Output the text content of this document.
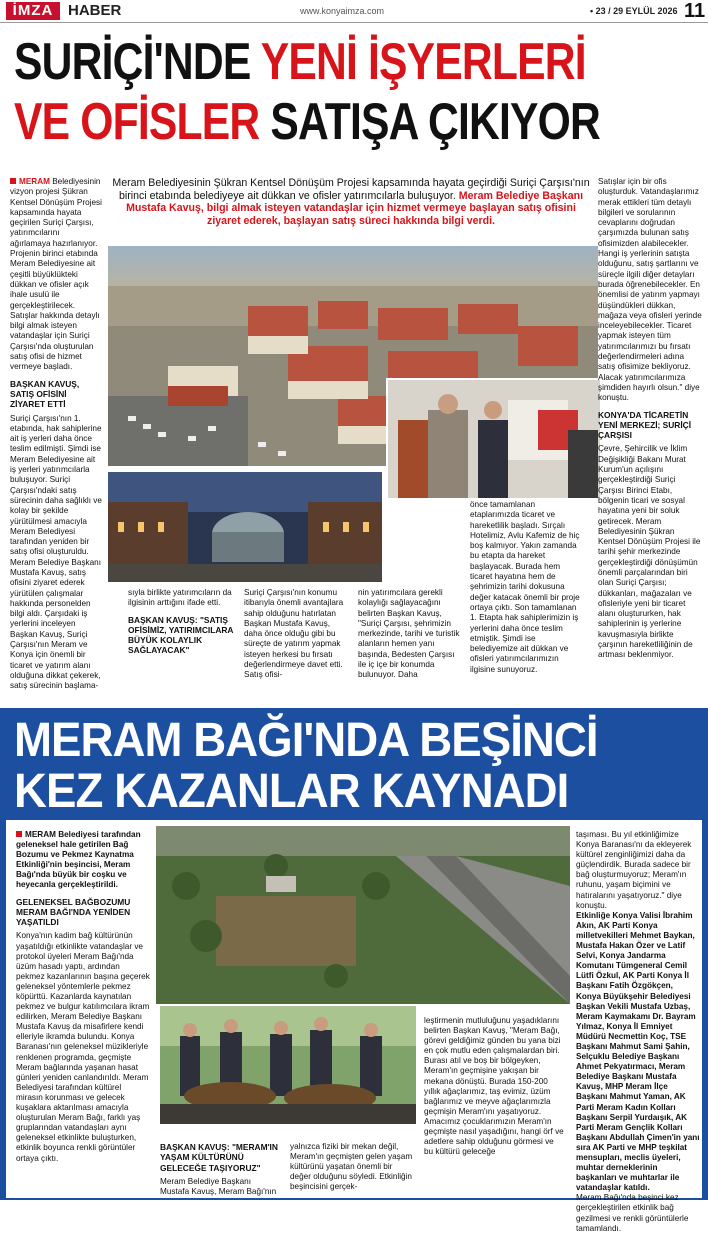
İMZA HABER	www.konyaimza.com	• 23 / 29 EYLÜL 2026 11
SURİÇİ'NDE YENİ İŞYERLERİ
VE OFİSLER SATIŞA ÇIKIYOR
Meram Belediyesinin Şükran Kentsel Dönüşüm Projesi kapsamında hayata geçirdiği Suriçi Çarşısı'nın birinci etabında belediyeye ait dükkan ve ofisler yatırımcılarla buluşuyor. Meram Belediye Başkanı Mustafa Kavuş, bilgi almak isteyen vatandaşlar için hizmet vermeye başlayan satış ofisini ziyaret ederek, başlayan satış süreci hakkında bilgi verdi.
MERAM Belediyesinin vizyon projesi Şükran Kentsel Dönüşüm Projesi kapsamında hayata geçirilen Suriçi Çarşısı, yatırımcılarını ağırlamaya hazırlanıyor. Projenin birinci etabında Meram Belediyesine ait çeşitli büyüklükteki dükkan ve ofisler açık ihale usulü ile gerçekleştirilecek. Satışlar hakkında detaylı bilgi almak isteyen vatandaşlar için Suriçi Çarşısı'nda oluşturulan satış ofisi de hizmet vermeye başladı.
BAŞKAN KAVUŞ, SATIŞ OFİSİNİ ZİYARET ETTİ
Suriçi Çarşısı'nın 1. etabında, hak sahiplerine ait iş yerleri daha önce teslim edilmişti. Şimdi ise Meram Belediyesine ait iş yerleri yatırımcılarla buluşuyor. Suriçi Çarşısı'ndaki satış sürecinin daha sağlıklı ve kolay bir şekilde yürütülmesi amacıyla Meram Belediyesi tarafından yeniden bir satış ofisi oluşturuldu. Meram Belediye Başkanı Mustafa Kavuş, satış ofisini ziyaret ederek yürütülen çalışmalar hakkında personelden bilgi aldı. Çarşıdaki iş yerlerini inceleyen Başkan Kavuş, Suriçi Çarşısı'nın Meram ve Konya için önemli bir ticaret ve yatırım alanı olduğuna dikkat çekerek, satış sürecinin başlama-
sıyla birlikte yatırımcıların da ilgisinin arttığını ifade etti.
BAŞKAN KAVUŞ: "SATIŞ OFİSİMİZ, YATIRIMCILARA BÜYÜK KOLAYLIK SAĞLAYACAK"
Suriçi Çarşısı'nın konumu itibarıyla önemli avantajlara sahip olduğunu hatırlatan Başkan Mustafa Kavuş, daha önce olduğu gibi bu süreçte de yatırım yapmak isteyen herkesi bu fırsatı değerlendirmeye davet etti. Satış ofisi-
nin yatırımcılara gerekli kolaylığı sağlayacağını belirten Başkan Kavuş, "Suriçi Çarşısı, şehrimizin merkezinde, tarihi ve turistik alanların hemen yanı başında, Bedesten Çarşısı ile iç içe bir konumda bulunuyor. Daha
önce tamamlanan etaplarımızda ticaret ve hareketlilik başladı. Sırçalı Hotelimiz, Avlu Kafemiz de hiç boş kalmıyor. Yakın zamanda bu etapta da hareket başlayacak. Burada hem ticaret hayatına hem de şehrimizin tarihi dokusuna değer katacak önemli bir proje ortaya çıktı. Son tamamlanan 1. Etapta hak sahiplerimizin iş yerlerini daha önce teslim etmiştik. Şimdi ise belediyemize ait dükkan ve ofisleri yatırımcılarımızın ilgisine sunuyoruz.
Satışlar için bir ofis oluşturduk. Vatandaşlarımız merak ettikleri tüm detaylı bilgileri ve sorularının cevaplarını doğrudan çarşımızda bulunan satış ofisimizden alabilecekler. Hangi iş yerlerinin satışta olduğunu, satış şartlarını ve süreçle ilgili diğer detayları burada öğrenebilecekler. En önemlisi de yatırım yapmayı düşündükleri dükkan, mağaza veya ofisleri yerinde inceleyebilecekler. Ticaret yapmak isteyen tüm yatırımcılarımızı bu fırsatı değerlendirmeleri adına satış ofisimize bekliyoruz. Alacak yatırımcılarımıza şimdiden hayırlı olsun." diye konuştu.
KONYA'DA TİCARETİN YENİ MERKEZİ; SURİÇİ ÇARŞISI
Çevre, Şehircilik ve İklim Değişikliği Bakanı Murat Kurum'un açılışını gerçekleştirdiği Suriçi Çarşısı Birinci Etabı, bölgenin ticari ve sosyal hayatına yeni bir soluk getirecek. Meram Belediyesinin Şükran Kentsel Dönüşüm Projesi ile tarihi şehir merkezinde gerçekleştirdiği dönüşümün önemli parçalarından biri olan Suriçi Çarşısı; dükkanları, mağazaları ve ofisleriyle yeni bir ticaret alanı oluştururken, hak sahiplerinin iş yerlerine kavuşmasıyla birlikte çarşının hareketliliğinin de artması beklenmiyor.
MERAM BAĞI'NDA BEŞİNCİ
KEZ KAZANLAR KAYNADI
MERAM Belediyesi tarafından geleneksel hale getirilen Bağ Bozumu ve Pekmez Kaynatma Etkinliği'nin beşincisi, Meram Bağı'nda büyük bir coşku ve heyecanla gerçekleştirildi.
GELENEKSEL BAĞBOZUMU MERAM BAĞI'NDA YENİDEN YAŞATILDI
Konya'nın kadim bağ kültürünün yaşatıldığı etkinlikte vatandaşlar ve protokol üyeleri Meram Bağı'nda üzüm hasadı yaptı, ardından pekmez kazanlarının başına geçerek geleneksel yöntemlerle pekmez köpürttü. Kazanlarda kaynatılan pekmez ve bulgur katılımcılara ikram edilirken, Meram Belediye Başkanı Mustafa Kavuş da misafirlere kendi elleriyle ikramda bulundu. Konya Baranası'nın geleneksel müzikleriyle renklenen programda, geçmişte Meram bağlarında yaşanan hasat günleri yeniden canlandırıldı. Meram Belediyesi tarafından kültürel mirasın korunması ve gelecek kuşaklara aktarılması amacıyla oluşturulan Meram Bağı, farklı yaş gruplarından vatandaşları aynı geleneksel etkinlikte buluşturken, etkinlik boyunca renkli görüntüler ortaya çıktı.
BAŞKAN KAVUŞ: "MERAM'IN YAŞAM KÜLTÜRÜNÜ GELECEĞE TAŞIYORUZ"
Meram Belediye Başkanı Mustafa Kavuş, Meram Bağı'nın
yalnızca fiziki bir mekan değil, Meram'ın geçmişten gelen yaşam kültürünü yaşatan önemli bir değer olduğunu söyledi. Etkinliğin beşincisini gerçek-
leştirmenin mutluluğunu yaşadıklarını belirten Başkan Kavuş, "Meram Bağı, görevi geldiğimiz günden bu yana bizi en çok mutlu eden çalışmalardan biri. Burası atıl ve boş bir bölgeyken, Meram'ın geçmişine yakışan bir mekana dönüştü. Burada 150-200 yıllık ağaçlarımız, taş evimiz, üzüm bağlarımız ve meyve ağaçlarımızla geçmişin Meram'ını yaşatıyoruz. Amacımız çocuklarımızın Meram'ın geçmişte nasıl yaşadığını, hangi örf ve adetlere sahip olduğunu görmesi ve bu kültürü geleceğe
taşıması. Bu yıl etkinliğimize Konya Baranası'nı da ekleyerek kültürel zenginliğimizi daha da güçlendirdik. Burada sadece bir bağ oluşturmuyoruz; Meram'ın ruhunu, yaşam biçimini ve hatıralarını yaşatıyoruz." diye konuştu.
Etkinliğe Konya Valisi İbrahim Akın, AK Parti Konya milletvekilleri Mehmet Baykan, Mustafa Hakan Özer ve Latif Selvi, Konya Jandarma Komutanı Tümgeneral Cemil Lütfi Özkul, AK Parti Konya İl Başkanı Fatih Özgökçen, Konya Büyükşehir Belediyesi Başkan Vekili Mustafa Uzbaş, Meram Kaymakamı Dr. Bayram Yılmaz, Konya İl Emniyet Müdürü Necmettin Koç, TSE Başkanı Mahmut Sami Şahin, Selçuklu Belediye Başkanı Ahmet Pekyatırmacı, Meram Belediye Başkanı Mustafa Kavuş, MHP Meram İlçe Başkanı Mahmut Yaman, AK Parti Meram Kadın Kolları Başkanı Serpil Yurdaışık, AK Parti Meram Gençlik Kolları Başkanı Abdullah Çimen'in yanı sıra AK Parti ve MHP teşkilat mensupları, meclis üyeleri, muhtar derneklerinin başkanları ve muhtarlar ile vatandaşlar katıldı.
Meram Bağı'nda beşinci kez gerçekleştirilen etkinlik bağ gezilmesi ve renkli görüntülerle tamamlandı.
